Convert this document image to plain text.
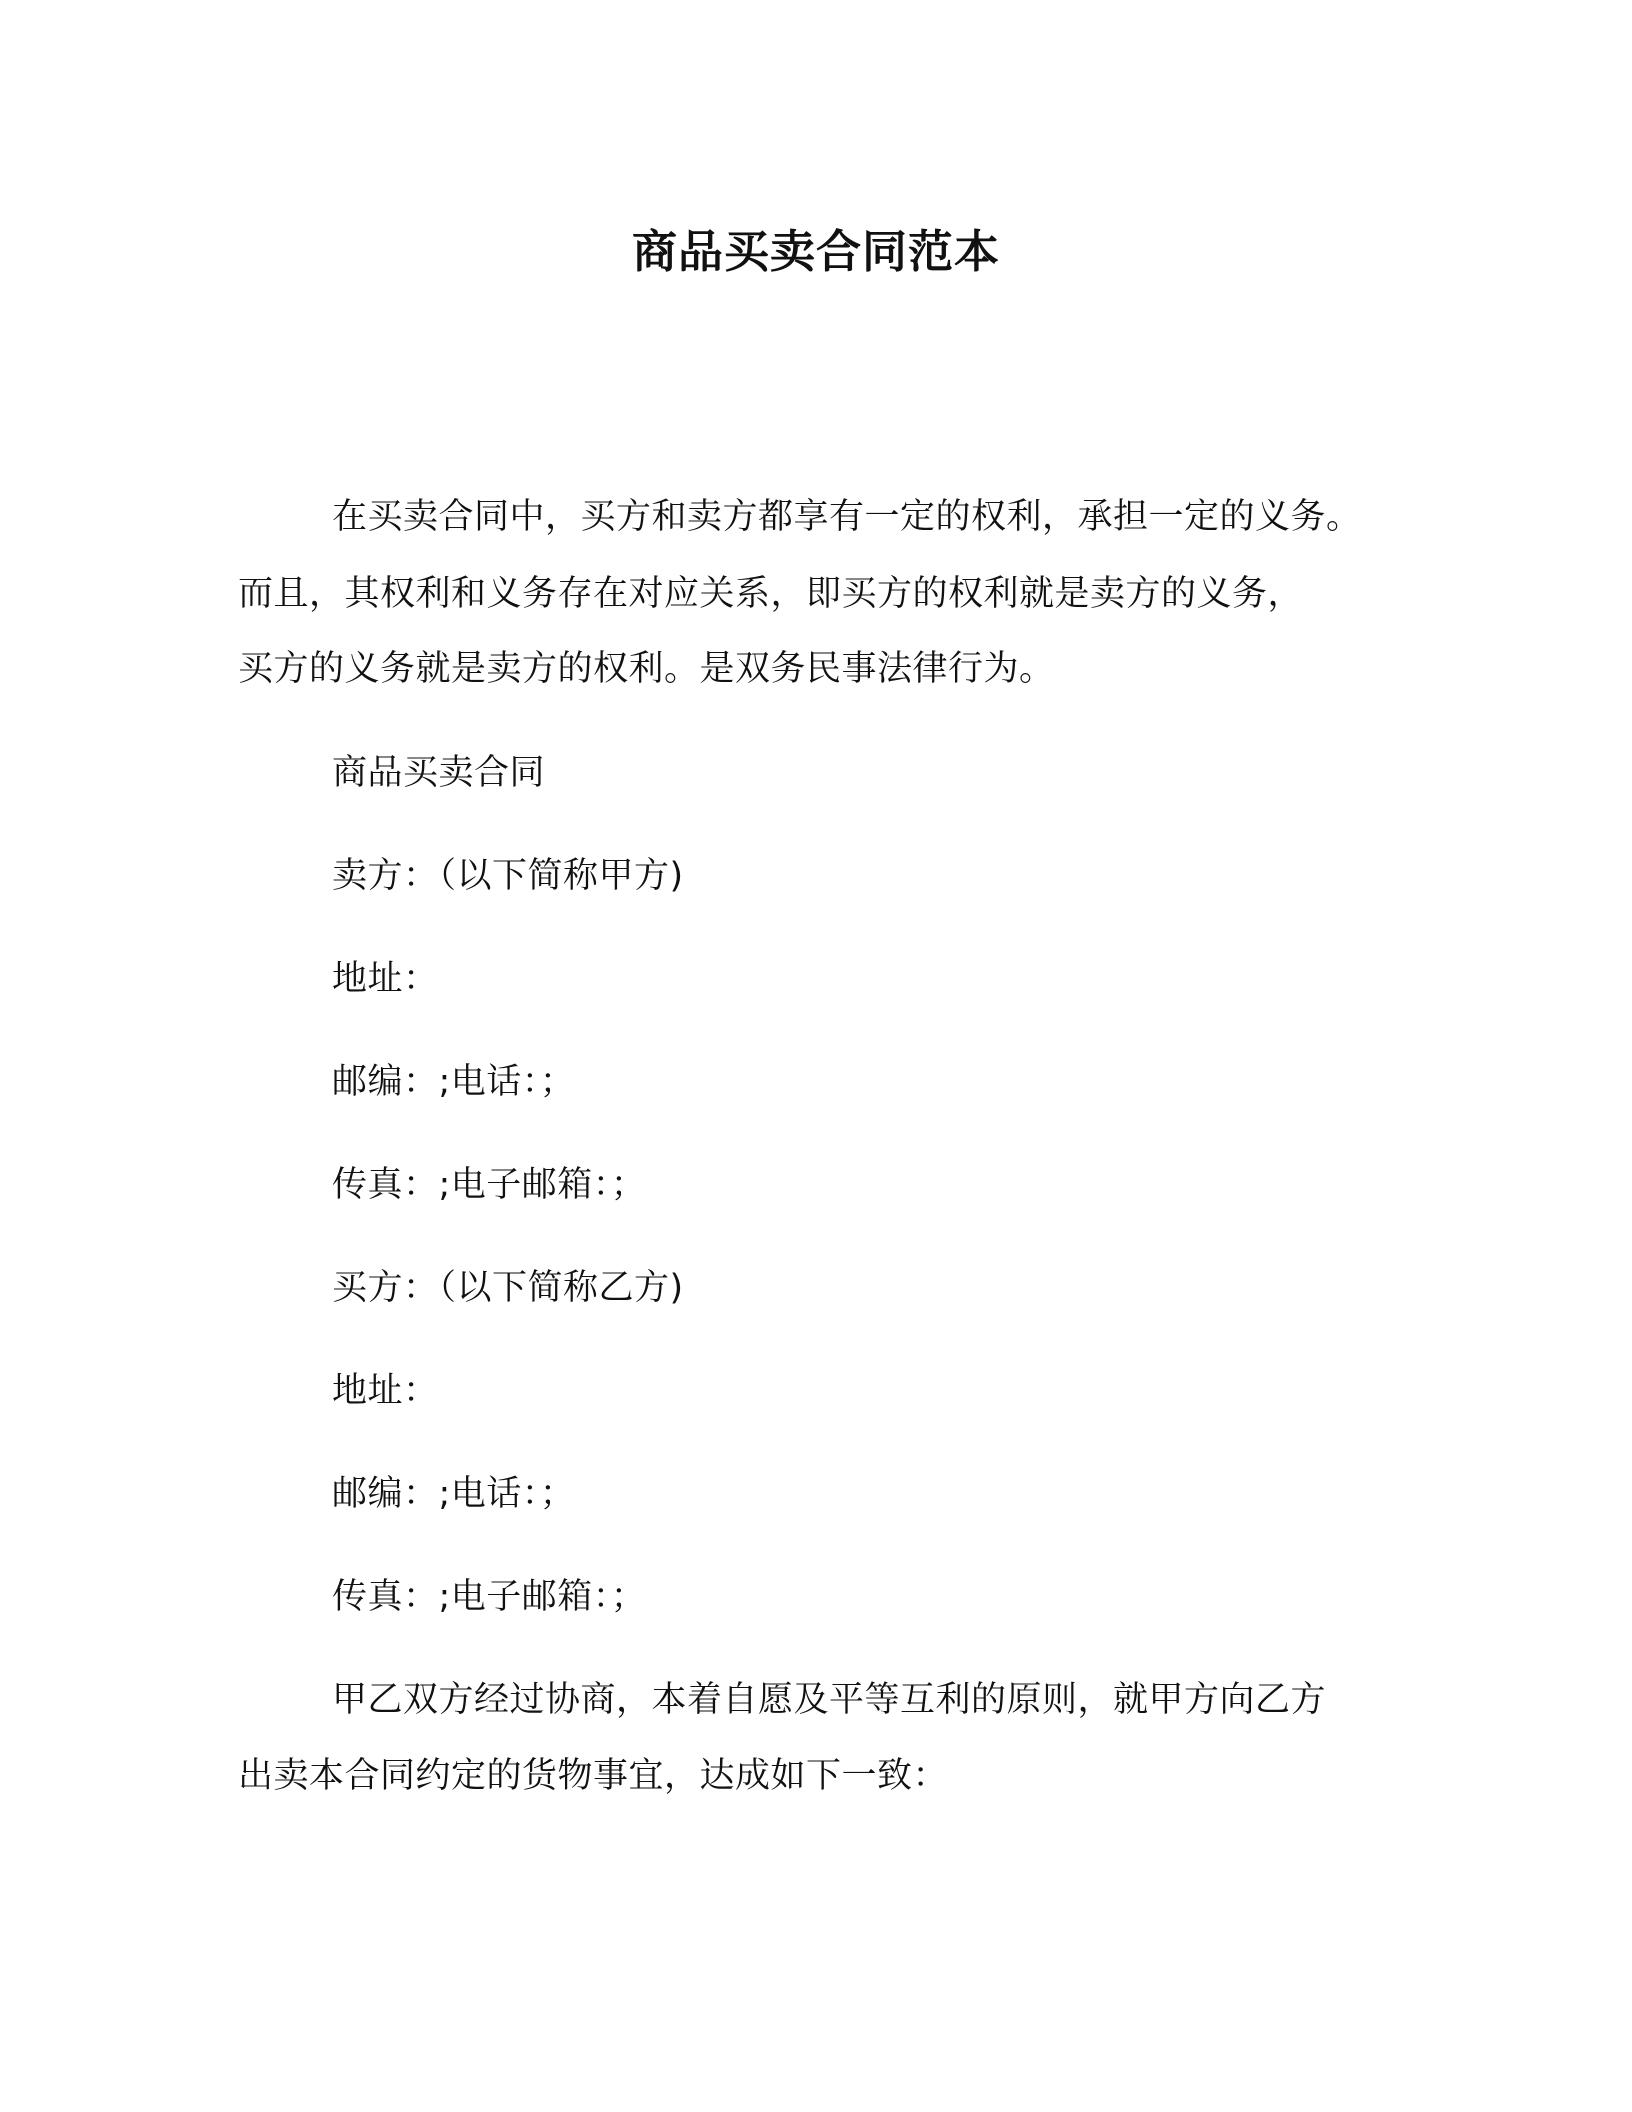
商品买卖合同范本
在买卖合同中，买方和卖方都享有一定的权利，承担一定的义务。
而且，其权利和义务存在对应关系，即买方的权利就是卖方的义务，
买方的义务就是卖方的权利。是双务民事法律行为。
商品买卖合同
卖方：（以下简称甲方)
地址：
邮编：;电话：；
传真：;电子邮箱：；
买方：（以下简称乙方)
地址：
邮编：;电话：；
传真：;电子邮箱：；
甲乙双方经过协商，本着自愿及平等互利的原则，就甲方向乙方
出卖本合同约定的货物事宜，达成如下一致：
